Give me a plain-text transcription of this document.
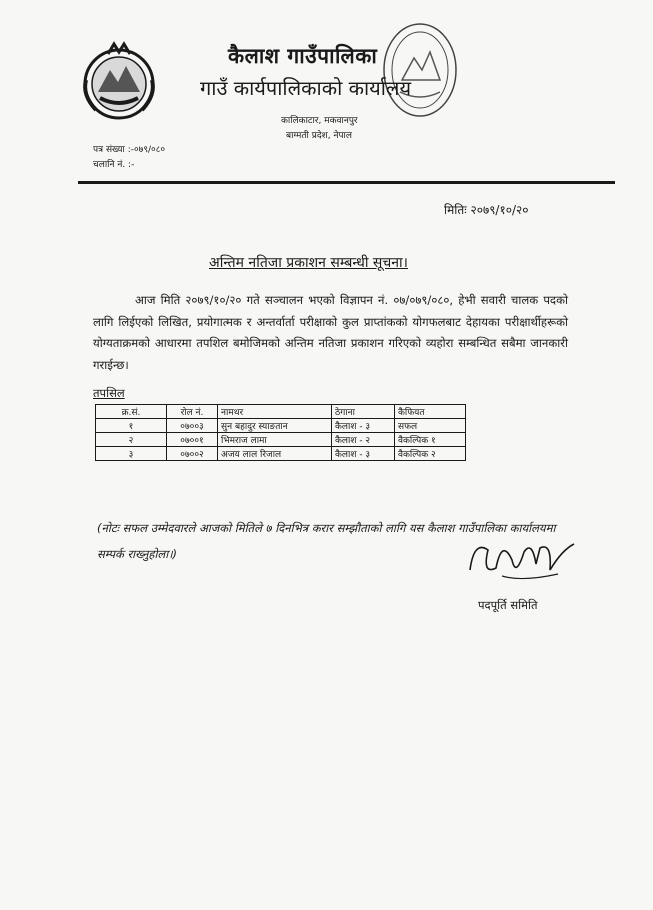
कैलाश गाउँपालिका
गाउँ कार्यपालिकाको कार्यालय
कालिकाटार, मकवानपुर
बाग्मती प्रदेश, नेपाल
पत्र संख्या :-०७९/०८०
चलानि नं. :-
मितिः २०७९/१०/२०
अन्तिम नतिजा प्रकाशन सम्बन्धी सूचना।
आज मिति २०७९/१०/२० गते सञ्चालन भएको विज्ञापन नं. ०७/०७९/०८०, हेभी सवारी चालक पदको लागि लिईएको लिखित, प्रयोगात्मक र अन्तर्वार्ता परीक्षाको कुल प्राप्तांकको योगफलबाट देहायका परीक्षार्थीहरूको योग्यताक्रमको आधारमा तपशिल बमोजिमको अन्तिम नतिजा प्रकाशन गरिएको व्यहोरा सम्बन्धित सबैमा जानकारी गराईन्छ।
तपसिल
क्र.सं.	रोल नं.	नामथर	ठेगाना	कैफियत
१	०७००३	सुन बहादुर स्याङतान	कैलाश - ३	सफल
२	०७००१	भिमराज लामा	कैलाश - २	वैकल्पिक १
३	०७००२	अजय लाल रिजाल	कैलाश - ३	वैकल्पिक २
(नोटः सफल उम्मेदवारले आजको मितिले ७ दिनभित्र करार सम्झौताको लागि यस कैलाश गाउँपालिका कार्यालयमा सम्पर्क राख्नुहोला।)
पदपूर्ति समिति
